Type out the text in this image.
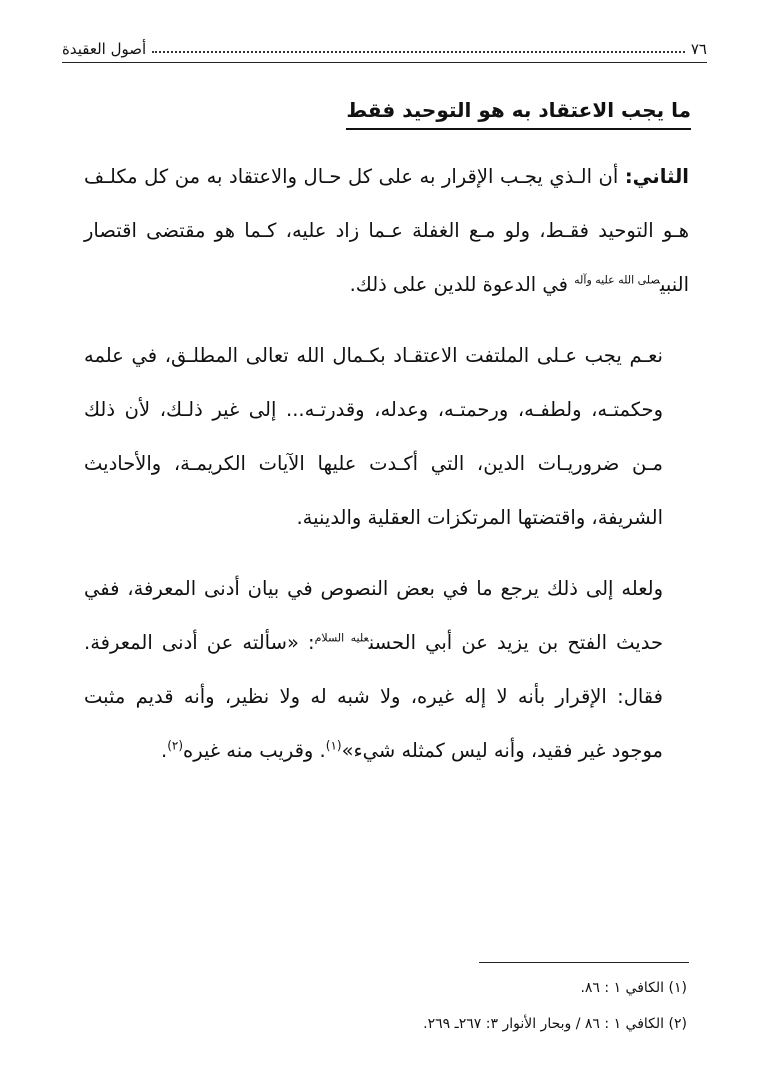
٧٦
أصول العقيدة
ما يجب الاعتقاد به هو التوحيد فقط

الثاني: أن الـذي يجـب الإقرار به على كل حـال والاعتقاد به من كل مكلـف هـو التوحيد فقـط، ولو مـع الغفلة عـما زاد عليه، كـما هو مقتضى اقتصار النبي$^{صلى الله عليه وآله}$ في الدعوة للدين على ذلك.

نعـم يجب عـلى الملتفت الاعتقـاد بكـمال الله تعالى المطلـق، في علمه وحكمتـه، ولطفـه، ورحمتـه، وعدله، وقدرتـه... إلى غير ذلـك، لأن ذلك مـن ضروريـات الدين، التي أكـدت عليها الآيات الكريمـة، والأحاديث الشريفة، واقتضتها المرتكزات العقلية والدينية.

ولعله إلى ذلك يرجع ما في بعض النصوص في بيان أدنى المعرفة، ففي حديث الفتح بن يزيد عن أبي الحسن$^{عليه السلام}$: «سألته عن أدنى المعرفة. فقال: الإقرار بأنه لا إله غيره، ولا شبه له ولا نظير، وأنه قديم مثبت موجود غير فقيد، وأنه ليس كمثله شيء»$^{(١)}$. وقريب منه غيره$^{(٢)}$.

(١) الكافي ١ : ٨٦.
(٢) الكافي ١ : ٨٦ / وبحار الأنوار ٣: ٢٦٧ـ ٢٦٩.
